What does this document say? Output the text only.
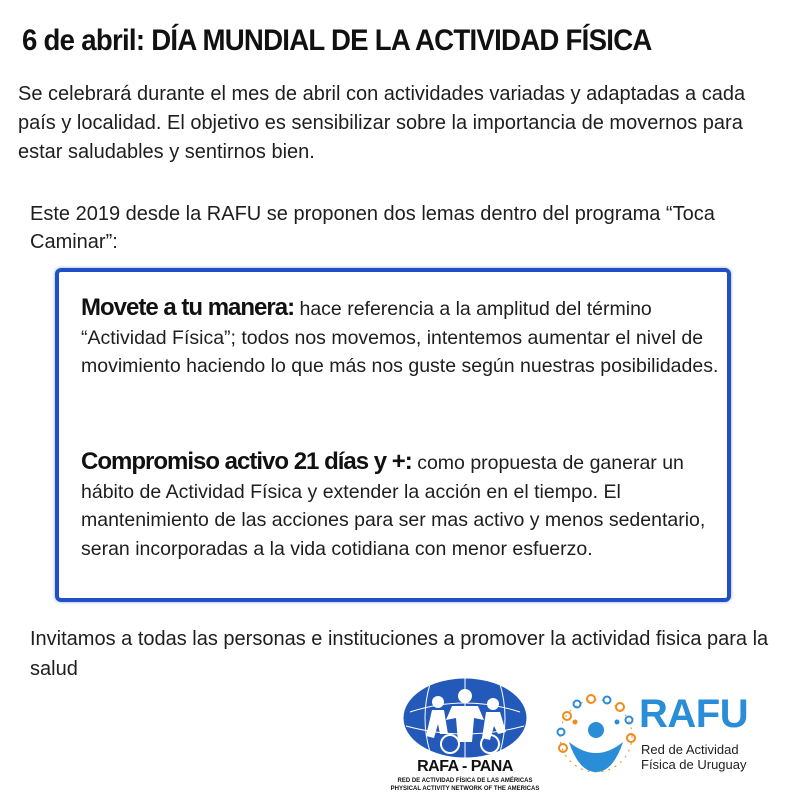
6 de abril: DÍA MUNDIAL DE LA ACTIVIDAD FÍSICA
Se celebrará durante el mes de abril con actividades variadas y adaptadas a cada país y localidad. El objetivo es sensibilizar sobre la importancia de movernos para estar saludables y sentirnos bien.
Este 2019 desde la RAFU se proponen dos lemas dentro del programa “Toca Caminar”:
Movete a tu manera: hace referencia a la amplitud del término “Actividad Física”; todos nos movemos, intentemos aumentar el nivel de movimiento haciendo lo que más nos guste según nuestras posibilidades.
Compromiso activo 21 días y +: como propuesta de ganerar un hábito de Actividad Física y extender la acción en el tiempo. El mantenimiento de las acciones para ser mas activo y menos sedentario, seran incorporadas a la vida cotidiana con menor esfuerzo.
Invitamos a todas las personas e instituciones a promover la actividad fisica para la salud
RAFA - PANA
RED DE ACTIVIDAD FÍSICA DE LAS AMÉRICAS
PHYSICAL ACTIVITY NETWORK OF THE AMERICAS
RAFU
Red de Actividad
Física de Uruguay
